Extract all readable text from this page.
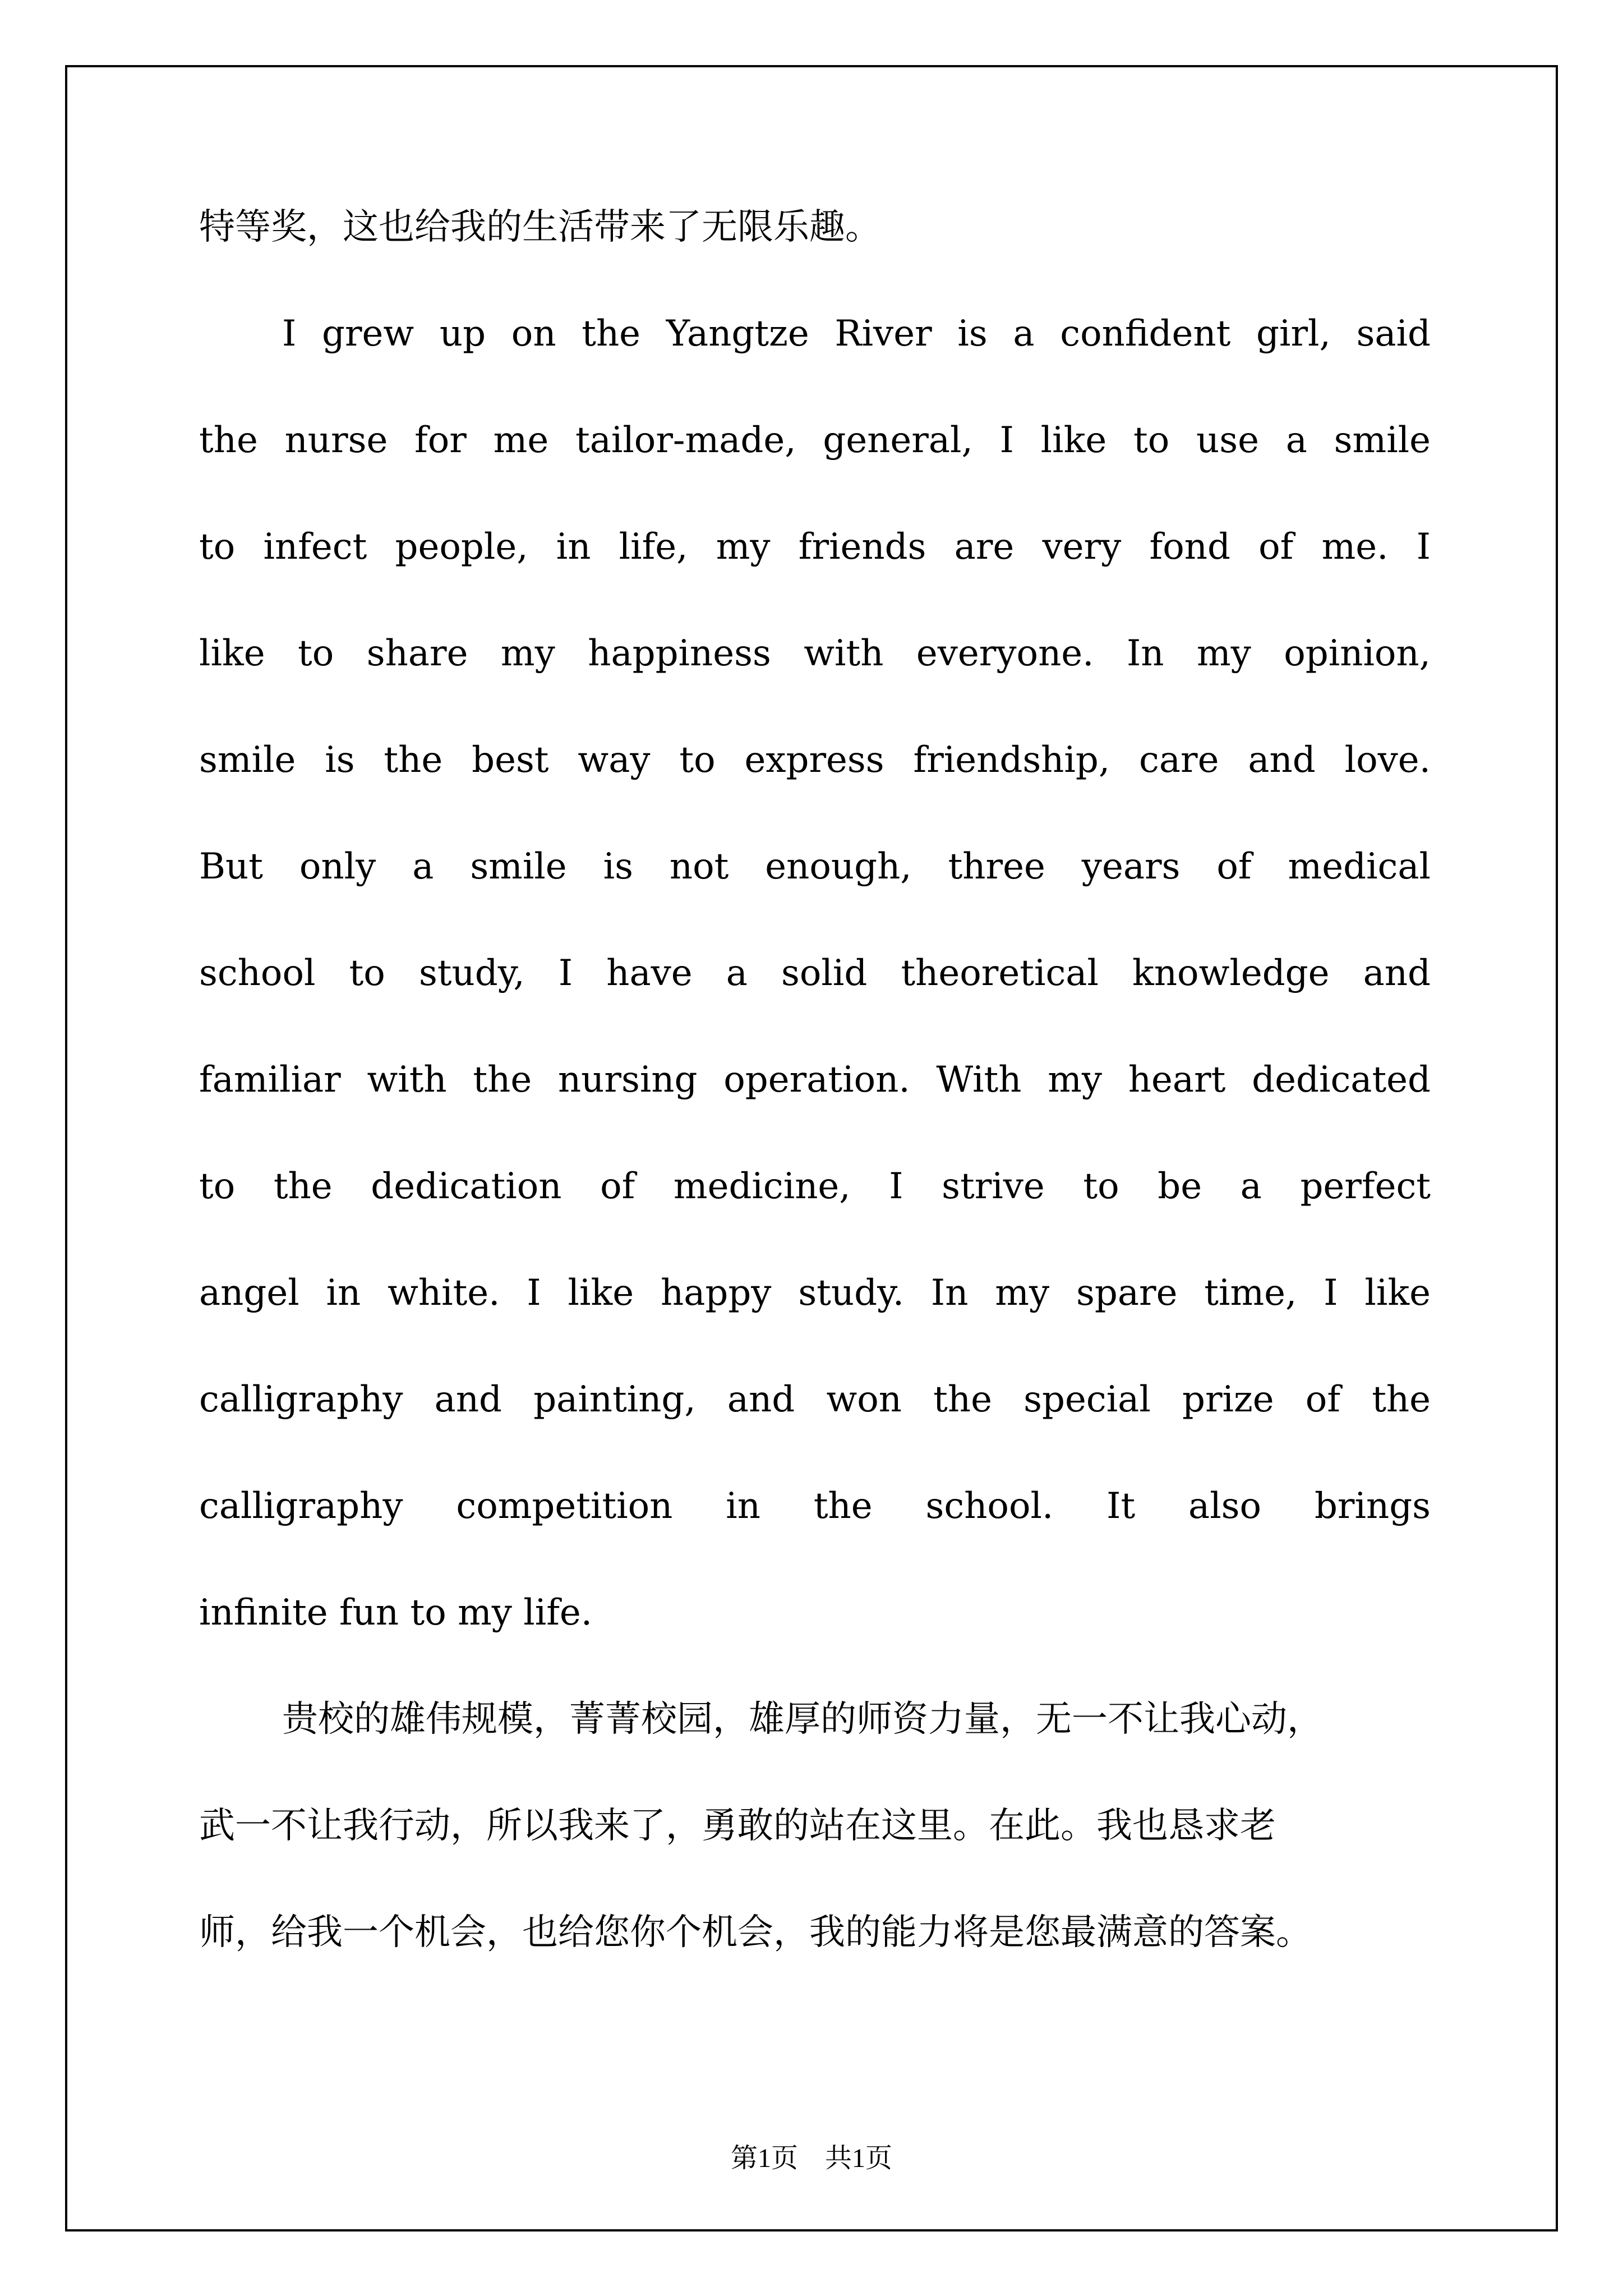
特等奖，这也给我的生活带来了无限乐趣。
I grew up on the Yangtze River is a confident girl, said
the nurse for me tailor-made, general, I like to use a smile
to infect people, in life, my friends are very fond of me. I
like to share my happiness with everyone. In my opinion,
smile is the best way to express friendship, care and love.
But only a smile is not enough, three years of medical
school to study, I have a solid theoretical knowledge and
familiar with the nursing operation. With my heart dedicated
to the dedication of medicine, I strive to be a perfect
angel in white. I like happy study. In my spare time, I like
calligraphy and painting, and won the special prize of the
calligraphy competition in the school. It also brings
infinite fun to my life.
贵校的雄伟规模，菁菁校园，雄厚的师资力量，无一不让我心动，
武一不让我行动，所以我来了，勇敢的站在这里。在此。我也恳求老
师，给我一个机会，也给您你个机会，我的能力将是您最满意的答案。
第1页　共1页
